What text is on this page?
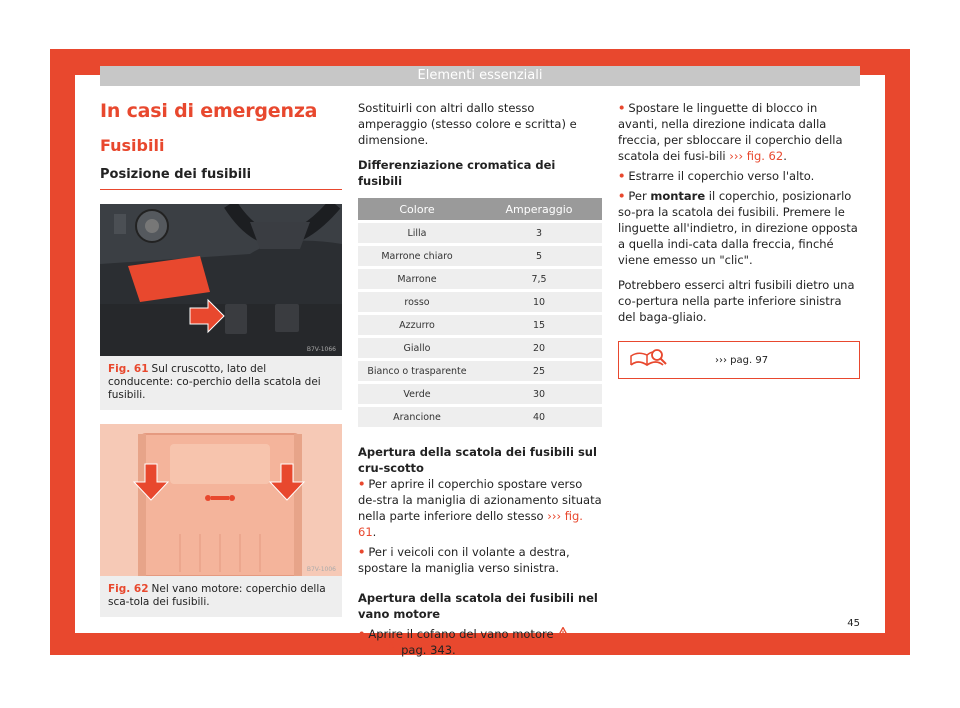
Elementi essenziali
In casi di emergenza
Fusibili
Posizione dei fusibili
B7V-1066
Fig. 61 Sul cruscotto, lato del conducente: co-perchio della scatola dei fusibili.
B7V-1006
Fig. 62 Nel vano motore: coperchio della sca-tola dei fusibili.

Sostituirli con altri dallo stesso amperaggio (stesso colore e scritta) e dimensione.

Differenziazione cromatica dei fusibili

Colore	Amperaggio
Lilla	3
Marrone chiaro	5
Marrone	7,5
rosso	10
Azzurro	15
Giallo	20
Bianco o trasparente	25
Verde	30
Arancione	40

Apertura della scatola dei fusibili sul cru-scotto

• Per aprire il coperchio spostare verso de-stra la maniglia di azionamento situata nella parte inferiore dello stesso ››› fig. 61.
• Per i veicoli con il volante a destra, spostare la maniglia verso sinistra.

Apertura della scatola dei fusibili nel vano motore

• Aprire il cofano del vano motore
›››	pag. 343.
• Spostare le linguette di blocco in avanti, nella direzione indicata dalla freccia, per sbloccare il coperchio della scatola dei fusi-bili ››› fig. 62.
• Estrarre il coperchio verso l'alto.
• Per montare il coperchio, posizionarlo so-pra la scatola dei fusibili. Premere le linguette all'indietro, in direzione opposta a quella indi-cata dalla freccia, finché viene emesso un "clic".

Potrebbero esserci altri fusibili dietro una co-pertura nella parte inferiore sinistra del baga-gliaio.

››› pag. 97
45
